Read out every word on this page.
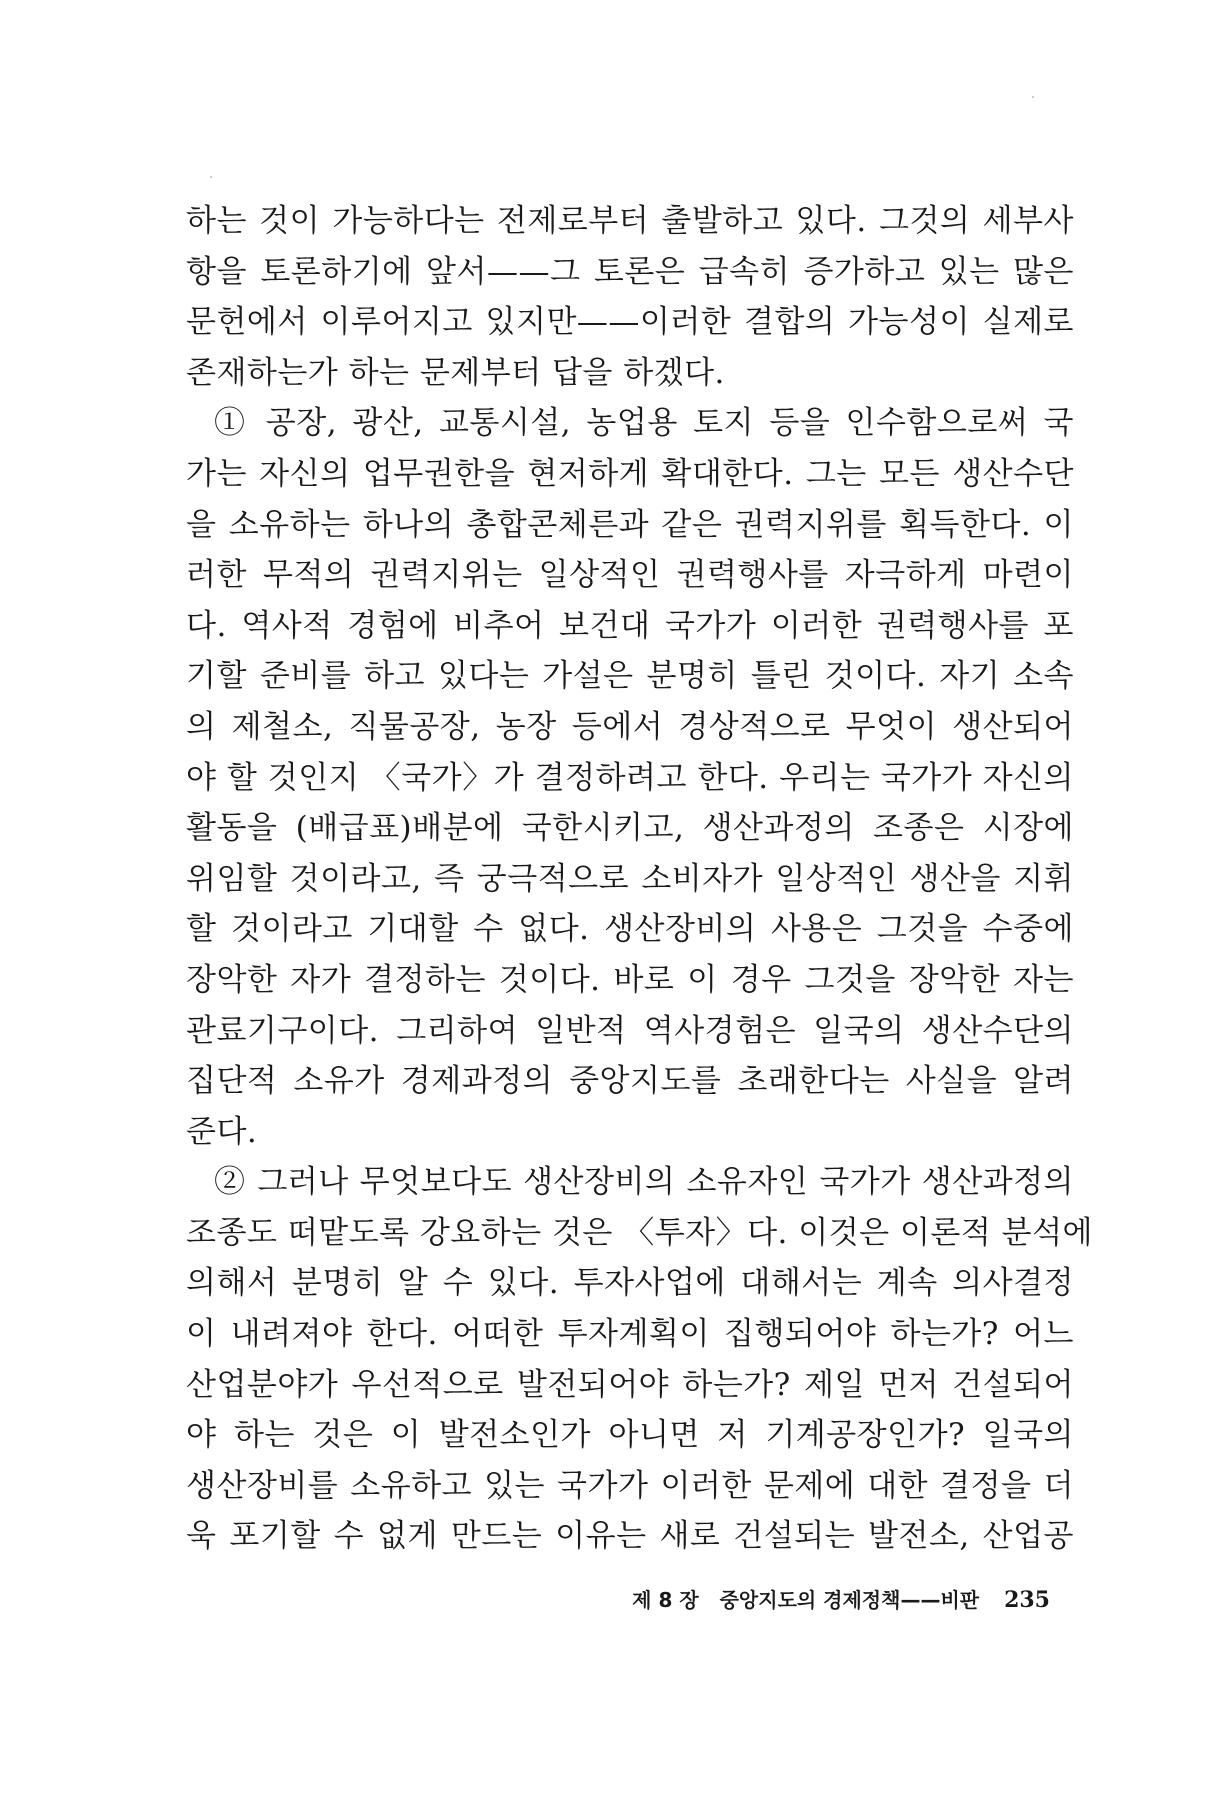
하는 것이 가능하다는 전제로부터 출발하고 있다. 그것의 세부사
항을 토론하기에 앞서——그 토론은 급속히 증가하고 있는 많은
문헌에서 이루어지고 있지만——이러한 결합의 가능성이 실제로
존재하는가 하는 문제부터 답을 하겠다.
① 공장, 광산, 교통시설, 농업용 토지 등을 인수함으로써 국
가는 자신의 업무권한을 현저하게 확대한다. 그는 모든 생산수단
을 소유하는 하나의 총합콘체른과 같은 권력지위를 획득한다. 이
러한 무적의 권력지위는 일상적인 권력행사를 자극하게 마련이
다. 역사적 경험에 비추어 보건대 국가가 이러한 권력행사를 포
기할 준비를 하고 있다는 가설은 분명히 틀린 것이다. 자기 소속
의 제철소, 직물공장, 농장 등에서 경상적으로 무엇이 생산되어
야 할 것인지 〈국가〉가 결정하려고 한다. 우리는 국가가 자신의
활동을 (배급표)배분에 국한시키고, 생산과정의 조종은 시장에
위임할 것이라고, 즉 궁극적으로 소비자가 일상적인 생산을 지휘
할 것이라고 기대할 수 없다. 생산장비의 사용은 그것을 수중에
장악한 자가 결정하는 것이다. 바로 이 경우 그것을 장악한 자는
관료기구이다. 그리하여 일반적 역사경험은 일국의 생산수단의
집단적 소유가 경제과정의 중앙지도를 초래한다는 사실을 알려
준다.
② 그러나 무엇보다도 생산장비의 소유자인 국가가 생산과정의
조종도 떠맡도록 강요하는 것은 〈투자〉다. 이것은 이론적 분석에
의해서 분명히 알 수 있다. 투자사업에 대해서는 계속 의사결정
이 내려져야 한다. 어떠한 투자계획이 집행되어야 하는가? 어느
산업분야가 우선적으로 발전되어야 하는가? 제일 먼저 건설되어
야 하는 것은 이 발전소인가 아니면 저 기계공장인가? 일국의
생산장비를 소유하고 있는 국가가 이러한 문제에 대한 결정을 더
욱 포기할 수 없게 만드는 이유는 새로 건설되는 발전소, 산업공
제 8 장 중앙지도의 경제정책——비판 235
